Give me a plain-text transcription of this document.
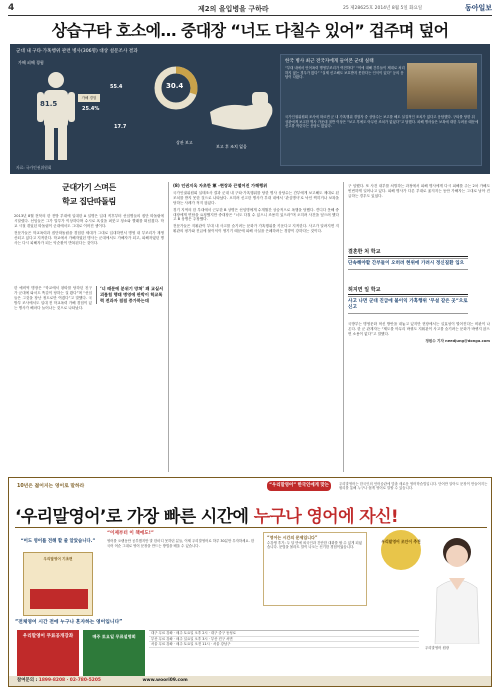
4	제2의 을입병을 구하라	25 제28625호 2014년 8월 5일 화요일	동아일보
상습구타 호소에… 중대장 “너도 다칠수 있어” 겁주며 덮어
군대 내 구타·가혹행위 관련 병사(306명) 대상 설문조사 결과
가해 피해 경험
81.5
가해 경험
25.4%
55.4
17.7
30.4
상관 보고
보고 후 조치 없음
한국 병사 최근 전국자에게 들어본 군대 실태
“부대 내에서 언어폭력 병영부조리가 여전하다” “이에 대해 간부들이 제대로 처리하지 않는 경우가 많다” “실제 신고해도 보호받지 못한다는 인식이 있다” 등의 응답이 나왔다.
국가인권위원회 조사에 따르면 군 내 가혹행위 경험자 중 상당수는 보고를 해도 실질적인 조치가 없다고 응답했다. 구타를 당한 뒤 상관에게 보고한 병사 가운데 절반 이상은 “보고 후에도 아무런 조치가 없었다”고 답했다. 피해 병사들은 보복에 대한 두려움 때문에 신고를 꺼린다는 응답도 많았다.
자료: 국가인권위원회
군대가기 스며든
학교 집단따돌림

2013년 8월 전북의 한 전방 부대에 입대한 A 일병은 입대 직후부터 선임병들의 집단 따돌림에 시달렸다. 선임들은 그가 말투가 이상하다며 수시로 욕설을 퍼붓고 청소와 빨래를 떠넘겼다. 학교 시절 겪었던 따돌림이 군대에서도 그대로 이어진 셈이다.

전문가들은 학교폭력과 집단따돌림을 경험한 세대가 그대로 입대하면서 병영 내 부조리가 재생산되고 있다고 지적한다. 학교에서 가해자였던 병사는 군대에서도 가해자가 되고, 피해자였던 병사는 다시 피해자가 되는 악순환이 반복된다는 것이다.

한 예비역 병장은 “학교에서 왕따를 당하던 친구가 군대에 와서도 똑같이 당하는 걸 봤다”며 “선임들은 그것을 장난 정도로만 여겼다”고 말했다. 국방부 조사에서도 입대 전 학교폭력 가해 경험이 있는 병사가 해마다 늘어나는 것으로 나타났다.

‘너 때문에 분위기 망쳐’ 왜 교실서 괴롭힘 행태 병영에 판박이 학교폭력 전과자 점점 증가하는데

(8) 인권지옥 자초한 軍 -현장과 끈떨어진 가해행위

국가인권위원회 실태조사 결과 군대 내 구타·가혹행위를 당한 병사 상당수는 간부에게 보고해도 제대로 된 조치를 받지 못한 것으로 나타났다. 오히려 신고한 병사가 부대 내에서 ‘관심병사’로 낙인 찍히거나 보복을 당하는 사례가 적지 않았다.

경기 지역의 한 부대에서 근무한 B 상병은 선임병에게 수개월간 상습적으로 폭행을 당했다. 견디다 못해 중대장에게 면담을 요청했지만 중대장은 “너도 다칠 수 있으니 조용히 있으라”며 오히려 사건을 덮으려 했다고 B 상병은 주장했다.

전문가들은 지휘관이 부대 내 사고를 숨기려는 문화가 가혹행위를 키운다고 지적한다. 사고가 알려지면 지휘관의 평가와 진급에 불이익이 생기기 때문에 피해 사실을 은폐하려는 경향이 강하다는 것이다.

구 임했다. 또 사건 내부를 처벌하는 과정에서 피해 병사에게 다시 피해를 주는 2차 가해도 빈번하게 일어나고 있다. 피해 병사가 다른 부대로 옮겨지는 동안 가해자는 그대로 남아 진급하는 경우도 있었다.

결혼한 처 학교
단속해야할 간부들이 오히려 현위에 가려시 정신질환 입으
허지면 일 학교
사고 나면 군대 진급에 불이익 가혹행위 ‘무설 같은 곳”으로 신고

국방부는 병영문화 혁신 방안을 내놓고 있지만 현장에서는 실효성이 떨어진다는 비판이 나온다. 한 군 관계자는 “제도를 아무리 바꿔도 지휘관이 사고를 숨기려는 문화가 바뀌지 않으면 소용이 없다”고 말했다.

정원수 기자 needjung@donga.com

10년은 젊어지는 영어로 말하라	“우리말영어” 한국인에게 맞는 영어!
우리말영어는 한국인의 언어습관에 맞춘 새로운 영어학습법입니다. 단어만 알아도 문장이 만들어지는 원리를 통해 누구나 쉽게 영어로 말할 수 있습니다.
‘우리말영어’로 가장 빠른 시간에 누구나 영어에 자신!
“어도 영어를 전해 할 줄 알았습니다.”
우리말영어 기초편
“이제부터 이 책에도!”
영어를 오랫동안 공부했지만 말 한마디 못하던 분들, 이제 우리말영어로 하루 30분만 투자하세요. 한국어 어순 그대로 영어 문장을 만드는 방법을 배울 수 있습니다.
“영어는 시간의 문제입니다”
수강생 후기: 두 달 만에 외국인과 간단한 대화를 할 수 있게 되었습니다. 문법을 몰라도 말이 나오는 신기한 경험이었습니다.
우리말영어 조안이 추천
우리말영어 원장
“전체영어 시간 전에 누구나 혼자하는 영어입니다”
우리말영어 무료공개강좌	매주 토요일 무료설명회
대구 무료 강좌 · 매주 토요일 오후 2시 · 대구 중구 동성로
부산 무료 강좌 · 매주 일요일 오후 3시 · 부산 진구 서면
서울 무료 강좌 · 매주 토요일 오전 11시 · 서울 강남구
참여문의 : 1899-8208 · 02-780-5205	www.woori09.com
